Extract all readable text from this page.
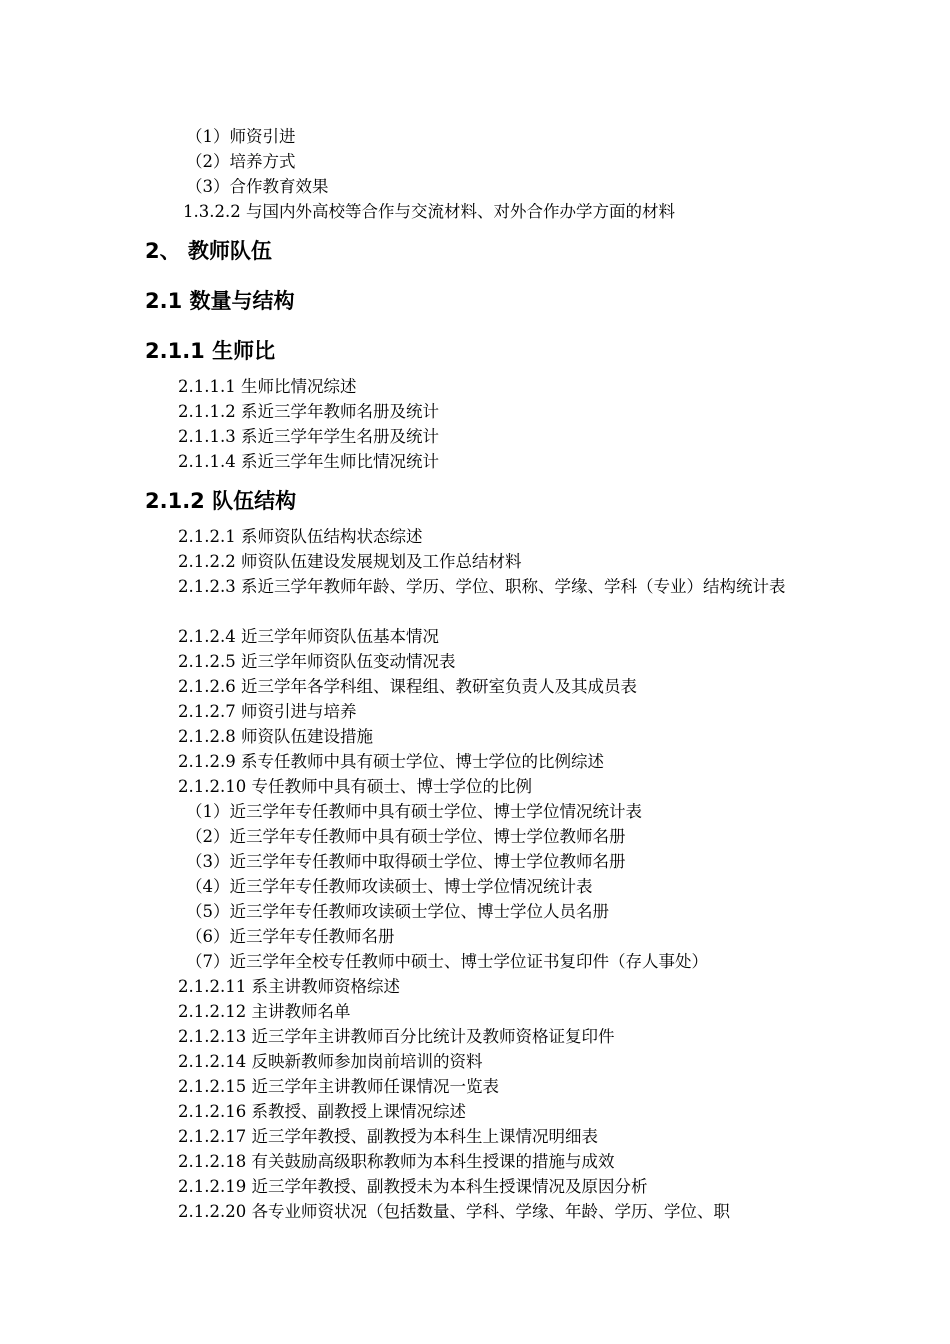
（1）师资引进
（2）培养方式
（3）合作教育效果
1.3.2.2 与国内外高校等合作与交流材料、对外合作办学方面的材料
2、 教师队伍
2.1 数量与结构
2.1.1 生师比
2.1.1.1 生师比情况综述
2.1.1.2 系近三学年教师名册及统计
2.1.1.3 系近三学年学生名册及统计
2.1.1.4 系近三学年生师比情况统计
2.1.2 队伍结构
2.1.2.1 系师资队伍结构状态综述
2.1.2.2 师资队伍建设发展规划及工作总结材料
2.1.2.3 系近三学年教师年龄、学历、学位、职称、学缘、学科（专业）结构统计表
2.1.2.4 近三学年师资队伍基本情况
2.1.2.5 近三学年师资队伍变动情况表
2.1.2.6 近三学年各学科组、课程组、教研室负责人及其成员表
2.1.2.7 师资引进与培养
2.1.2.8 师资队伍建设措施
2.1.2.9 系专任教师中具有硕士学位、博士学位的比例综述
2.1.2.10 专任教师中具有硕士、博士学位的比例
（1）近三学年专任教师中具有硕士学位、博士学位情况统计表
（2）近三学年专任教师中具有硕士学位、博士学位教师名册
（3）近三学年专任教师中取得硕士学位、博士学位教师名册
（4）近三学年专任教师攻读硕士、博士学位情况统计表
（5）近三学年专任教师攻读硕士学位、博士学位人员名册
（6）近三学年专任教师名册
（7）近三学年全校专任教师中硕士、博士学位证书复印件（存人事处）
2.1.2.11 系主讲教师资格综述
2.1.2.12 主讲教师名单
2.1.2.13 近三学年主讲教师百分比统计及教师资格证复印件
2.1.2.14 反映新教师参加岗前培训的资料
2.1.2.15 近三学年主讲教师任课情况一览表
2.1.2.16 系教授、副教授上课情况综述
2.1.2.17 近三学年教授、副教授为本科生上课情况明细表
2.1.2.18 有关鼓励高级职称教师为本科生授课的措施与成效
2.1.2.19 近三学年教授、副教授未为本科生授课情况及原因分析
2.1.2.20 各专业师资状况（包括数量、学科、学缘、年龄、学历、学位、职
